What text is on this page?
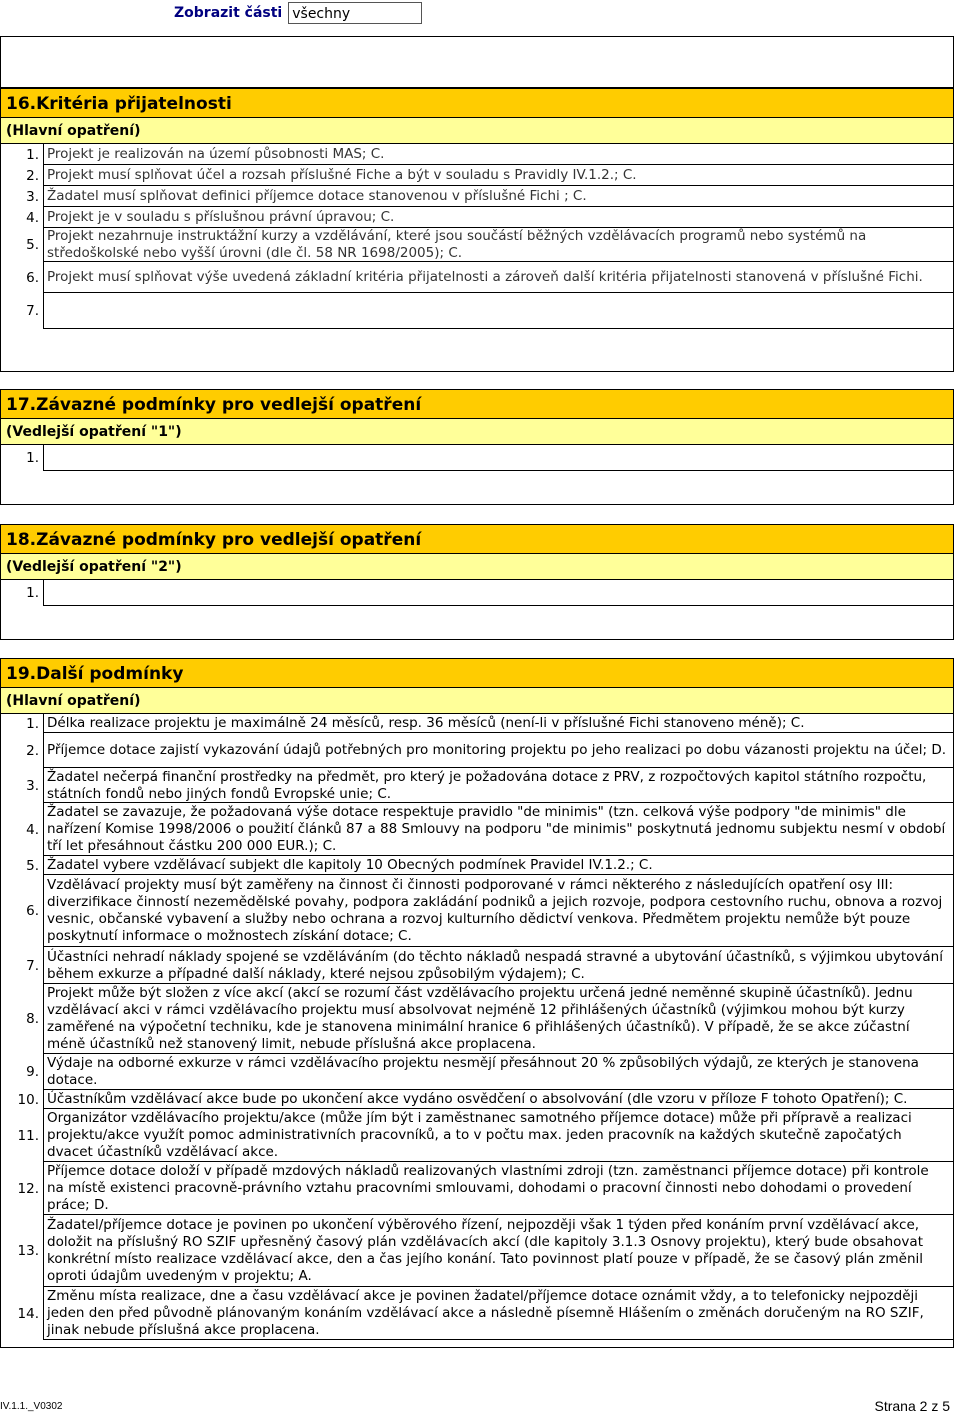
Zobrazit části všechny
16.Kritéria přijatelnosti
(Hlavní opatření)
1. Projekt je realizován na území působnosti MAS; C.
2. Projekt musí splňovat účel a rozsah příslušné Fiche a být v souladu s Pravidly IV.1.2.; C.
3. Žadatel musí splňovat definici příjemce dotace stanovenou v příslušné Fichi ; C.
4. Projekt je v souladu s příslušnou právní úpravou; C.
5.
Projekt nezahrnuje instruktážní kurzy a vzdělávání, které jsou součástí běžných vzdělávacích programů nebo systémů na středoškolské nebo vyšší úrovni (dle čl. 58 NR 1698/2005); C.
6. Projekt musí splňovat výše uvedená základní kritéria přijatelnosti a zároveň další kritéria přijatelnosti stanovená v příslušné Fichi.
7.
17.Závazné podmínky pro vedlejší opatření
(Vedlejší opatření "1")
1.
18.Závazné podmínky pro vedlejší opatření
(Vedlejší opatření "2")
1.
19.Další podmínky
(Hlavní opatření)
1. Délka realizace projektu je maximálně 24 měsíců, resp. 36 měsíců (není-li v příslušné Fichi stanoveno méně); C.
2. Příjemce dotace zajistí vykazování údajů potřebných pro monitoring projektu po jeho realizaci po dobu vázanosti projektu na účel; D.
3.
Žadatel nečerpá finanční prostředky na předmět, pro který je požadována dotace z PRV, z rozpočtových kapitol státního rozpočtu, státních fondů nebo jiných fondů Evropské unie; C.
4.
Žadatel se zavazuje, že požadovaná výše dotace respektuje pravidlo "de minimis" (tzn. celková výše podpory "de minimis" dle nařízení Komise 1998/2006 o použití článků 87 a 88 Smlouvy na podporu "de minimis" poskytnutá jednomu subjektu nesmí v období tří let přesáhnout částku 200 000 EUR.); C.
5. Žadatel vybere vzdělávací subjekt dle kapitoly 10 Obecných podmínek Pravidel IV.1.2.; C.
6.
Vzdělávací projekty musí být zaměřeny na činnost či činnosti podporované v rámci některého z následujících opatření osy III: diverzifikace činností nezemědělské povahy, podpora zakládání podniků a jejich rozvoje, podpora cestovního ruchu, obnova a rozvoj vesnic, občanské vybavení a služby nebo ochrana a rozvoj kulturního dědictví venkova. Předmětem projektu nemůže být pouze poskytnutí informace o možnostech získání dotace; C.
7.
Účastníci nehradí náklady spojené se vzděláváním (do těchto nákladů nespadá stravné a ubytování účastníků, s výjimkou ubytování během exkurze a případné další náklady, které nejsou způsobilým výdajem); C.
8.
Projekt může být složen z více akcí (akcí se rozumí část vzdělávacího projektu určená jedné neměnné skupině účastníků). Jednu vzdělávací akci v rámci vzdělávacího projektu musí absolvovat nejméně 12 přihlášených účastníků (výjimkou mohou být kurzy zaměřené na výpočetní techniku, kde je stanovena minimální hranice 6 přihlášených účastníků). V případě, že se akce zúčastní méně účastníků než stanovený limit, nebude příslušná akce proplacena.
9.
Výdaje na odborné exkurze v rámci vzdělávacího projektu nesmějí přesáhnout 20 % způsobilých výdajů, ze kterých je stanovena dotace.
10. Účastníkům vzdělávací akce bude po ukončení akce vydáno osvědčení o absolvování (dle vzoru v příloze F tohoto Opatření); C.
11.
Organizátor vzdělávacího projektu/akce (může jím být i zaměstnanec samotného příjemce dotace) může při přípravě a realizaci projektu/akce využít pomoc administrativních pracovníků, a to v počtu max. jeden pracovník na každých skutečně započatých dvacet účastníků vzdělávací akce.
12.
Příjemce dotace doloží v případě mzdových nákladů realizovaných vlastními zdroji (tzn. zaměstnanci příjemce dotace) při kontrole na místě existenci pracovně-právního vztahu pracovními smlouvami, dohodami o pracovní činnosti nebo dohodami o provedení práce; D.
13.
Žadatel/příjemce dotace je povinen po ukončení výběrového řízení, nejpozději však 1 týden před konáním první vzdělávací akce, doložit na příslušný RO SZIF upřesněný časový plán vzdělávacích akcí (dle kapitoly 3.1.3 Osnovy projektu), který bude obsahovat konkrétní místo realizace vzdělávací akce, den a čas jejího konání. Tato povinnost platí pouze v případě, že se časový plán změnil oproti údajům uvedeným v projektu; A.
14.
Změnu místa realizace, dne a času vzdělávací akce je povinen žadatel/příjemce dotace oznámit vždy, a to telefonicky nejpozději jeden den před původně plánovaným konáním vzdělávací akce a následně písemně Hlášením o změnách doručeným na RO SZIF, jinak nebude příslušná akce proplacena.
IV.1.1._V0302	Strana 2 z 5
